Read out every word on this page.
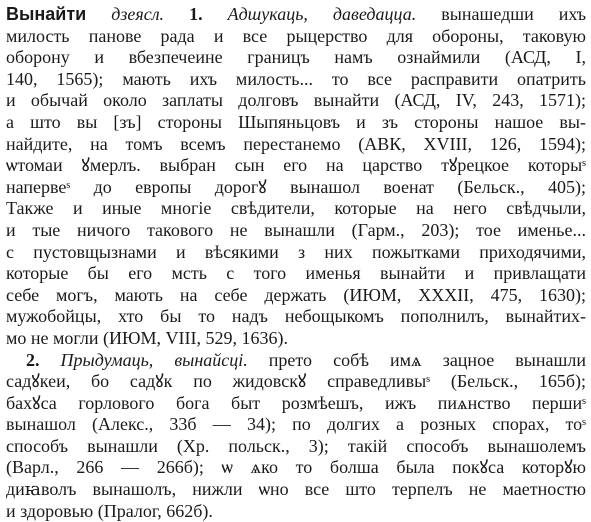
Вынайти дзеясл. 1. Адшукаць, даведацца. вынашедши ихъ
милость панове рада и все рыцерство для обороны, таковую
оборону и вбезпечеине границъ намъ ознаймили (АСД, I,
140, 1565); мають ихъ милость... то все расправити опатрить
и обычай около заплаты долговъ вынайти (АСД, IV, 243, 1571);
а што вы [зъ] стороны Шыпяньцовъ и зъ стороны нашое вы-
найдите, на томъ всемъ перестанемо (АВК, XVIII, 126, 1594);
ѡтомаи ꙋмерлъ. выбран сын его на царство тꙋрецкое которыˢ
напервеˢ до европы дорогꙋ вынашол военат (Бельск., 405);
Также и иные многіе свѣдители, которые на него свѣдчыли,
и тые ничого такового не вынашли (Гарм., 203); тое именье...
с пустовщызнами и вѣсякими з них пожытками приходячими,
которые бы его мсть с того именья вынайти и привлащати
себе могъ, мають на себе держать (ИЮМ, XXXII, 475, 1630);
мужобойцы, хто бы то надъ небощыкомъ пополнилъ, вынайтих-
мо не могли (ИЮМ, VIII, 529, 1636).
2. Прыдумаць, вынайсці. прето собѣ имѧ зацное вынашли
садꙋкеи, бо садꙋк по жидовскꙋ справедливыˢ (Бельск., 165б);
бахꙋса горлового бога быт розмѣешъ, ижъ пиѧнство першиˢ
вынашол (Алекс., 33б — 34); по долгих а розных спорах, тоˢ
способъ вынашли (Хр. польск., 3); такій способъ вынашолемъ
(Варл., 266 — 266б); ѡ ѧко то болша была покꙋса которꙋю
диꙗволъ вынашолъ, нижли ѡно все што терпелъ не маетностю
и здоровью (Пралог, 662б).
